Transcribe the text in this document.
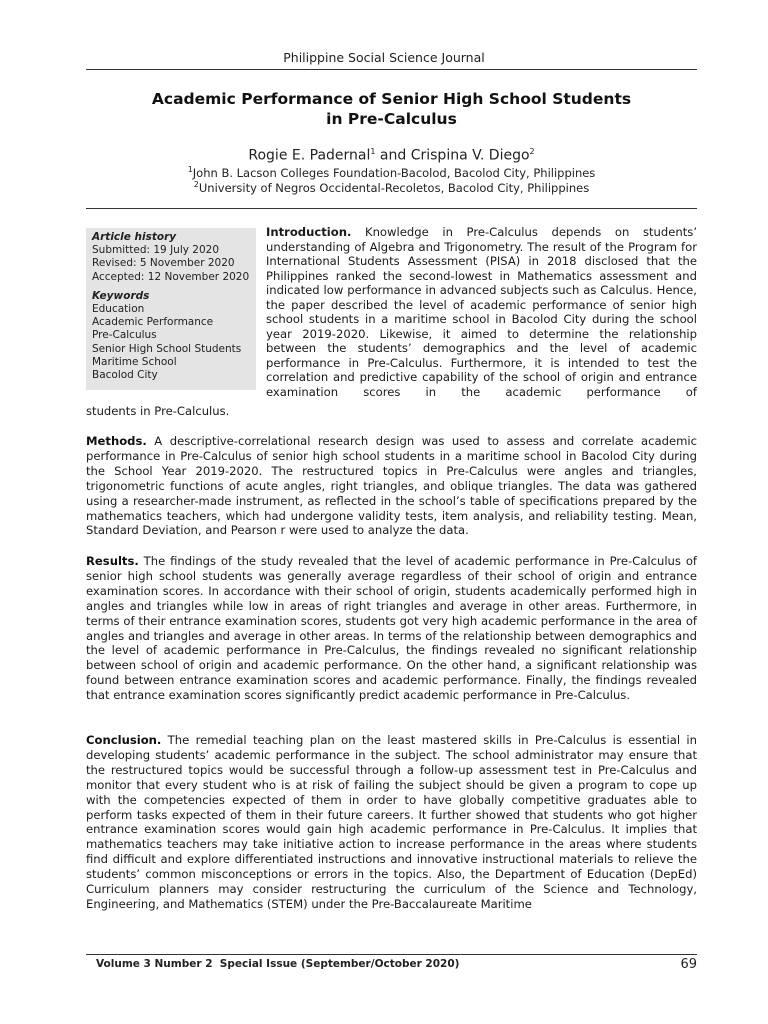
Philippine Social Science Journal
Academic Performance of Senior High School Students
in Pre-Calculus
Rogie E. Padernal$^1$ and Crispina V. Diego$^2$
$^1$John B. Lacson Colleges Foundation-Bacolod, Bacolod City, Philippines
$^2$University of Negros Occidental-Recoletos, Bacolod City, Philippines
Article history
Submitted: 19 July 2020
Revised: 5 November 2020
Accepted: 12 November 2020
Keywords
Education
Academic Performance
Pre-Calculus
Senior High School Students
Maritime School
Bacolod City
Introduction. Knowledge in Pre-Calculus depends on students’ understanding of Algebra and Trigonometry. The result of the Program for International Students Assessment (PISA) in 2018 disclosed that the Philippines ranked the second-lowest in Mathematics assessment and indicated low performance in advanced subjects such as Calculus. Hence, the paper described the level of academic performance of senior high school students in a maritime school in Bacolod City during the school year 2019-2020. Likewise, it aimed to determine the relationship between the students’ demographics and the level of academic performance in Pre-Calculus. Furthermore, it is intended to test the correlation and predictive capability of the school of origin and entrance examination scores in the academic performance of
students in Pre-Calculus.
Methods. A descriptive-correlational research design was used to assess and correlate academic performance in Pre-Calculus of senior high school students in a maritime school in Bacolod City during the School Year 2019-2020. The restructured topics in Pre-Calculus were angles and triangles, trigonometric functions of acute angles, right triangles, and oblique triangles. The data was gathered using a researcher-made instrument, as reflected in the school’s table of specifications prepared by the mathematics teachers, which had undergone validity tests, item analysis, and reliability testing. Mean, Standard Deviation, and Pearson r were used to analyze the data.
Results. The findings of the study revealed that the level of academic performance in Pre-Calculus of senior high school students was generally average regardless of their school of origin and entrance examination scores. In accordance with their school of origin, students academically performed high in angles and triangles while low in areas of right triangles and average in other areas. Furthermore, in terms of their entrance examination scores, students got very high academic performance in the area of angles and triangles and average in other areas. In terms of the relationship between demographics and the level of academic performance in Pre-Calculus, the findings revealed no significant relationship between school of origin and academic performance. On the other hand, a significant relationship was found between entrance examination scores and academic performance. Finally, the findings revealed that entrance examination scores significantly predict academic performance in Pre-Calculus.
Conclusion. The remedial teaching plan on the least mastered skills in Pre-Calculus is essential in developing students’ academic performance in the subject. The school administrator may ensure that the restructured topics would be successful through a follow-up assessment test in Pre-Calculus and monitor that every student who is at risk of failing the subject should be given a program to cope up with the competencies expected of them in order to have globally competitive graduates able to perform tasks expected of them in their future careers. It further showed that students who got higher entrance examination scores would gain high academic performance in Pre-Calculus. It implies that mathematics teachers may take initiative action to increase performance in the areas where students find difficult and explore differentiated instructions and innovative instructional materials to relieve the students’ common misconceptions or errors in the topics. Also, the Department of Education (DepEd) Curriculum planners may consider restructuring the curriculum of the Science and Technology, Engineering, and Mathematics (STEM) under the Pre-Baccalaureate Maritime
Volume 3 Number 2  Special Issue (September/October 2020)	69
